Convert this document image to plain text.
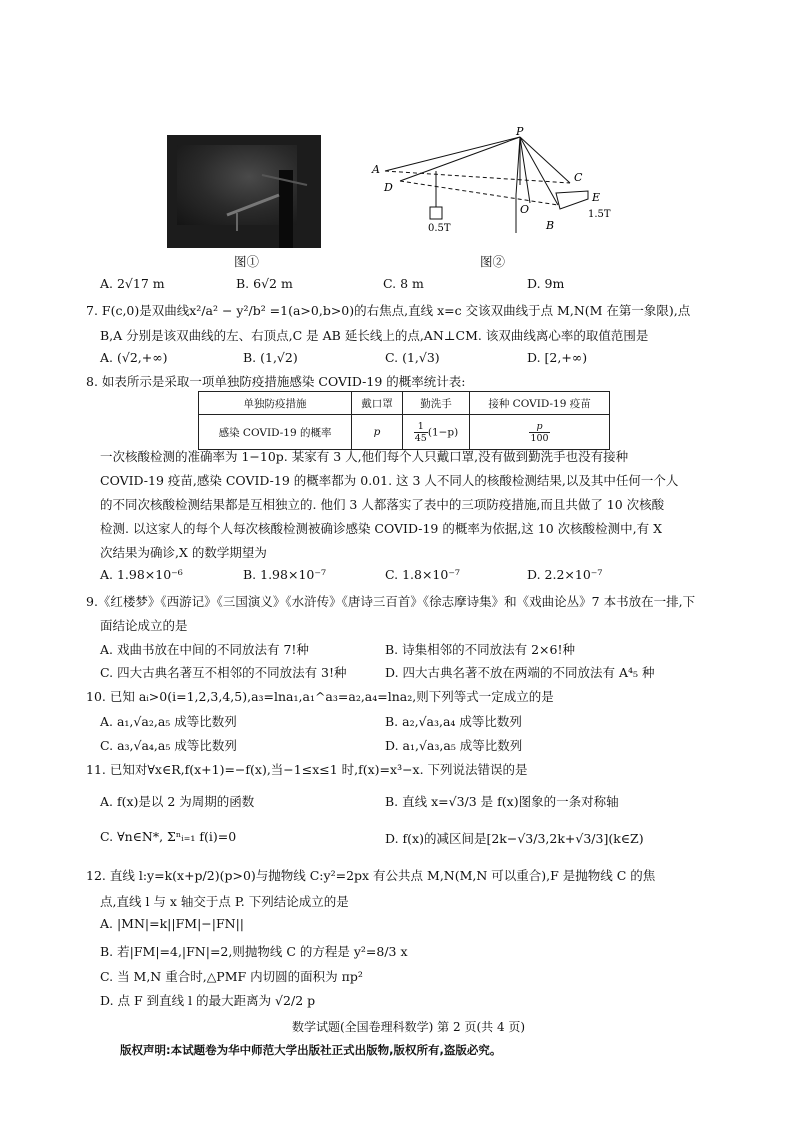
图①
P
A
D
C
E
O
B
0.5T
1.5T
图②
A. 2√17 m	B. 6√2 m	C. 8 m	D. 9m
7. F(c,0)是双曲线x²/a² − y²/b² =1(a>0,b>0)的右焦点,直线 x=c 交该双曲线于点 M,N(M 在第一象限),点
B,A 分别是该双曲线的左、右顶点,C 是 AB 延长线上的点,AN⊥CM. 该双曲线离心率的取值范围是
A. (√2,+∞)	B. (1,√2)	C. (1,√3)	D. [2,+∞)
8. 如表所示是采取一项单独防疫措施感染 COVID-19 的概率统计表:
单独防疫措施	戴口罩	勤洗手	接种 COVID-19 疫苗
感染 COVID-19 的概率	p	$\frac{1}{45} (1-p)$	$\frac{p}{100}$
一次核酸检测的准确率为 1−10p. 某家有 3 人,他们每个人只戴口罩,没有做到勤洗手也没有接种
COVID-19 疫苗,感染 COVID-19 的概率都为 0.01. 这 3 人不同人的核酸检测结果,以及其中任何一个人
的不同次核酸检测结果都是互相独立的. 他们 3 人都落实了表中的三项防疫措施,而且共做了 10 次核酸
检测. 以这家人的每个人每次核酸检测被确诊感染 COVID-19 的概率为依据,这 10 次核酸检测中,有 X
次结果为确诊,X 的数学期望为
A. 1.98×10⁻⁶	B. 1.98×10⁻⁷	C. 1.8×10⁻⁷	D. 2.2×10⁻⁷
9.《红楼梦》《西游记》《三国演义》《水浒传》《唐诗三百首》《徐志摩诗集》和《戏曲论丛》7 本书放在一排,下
面结论成立的是
A. 戏曲书放在中间的不同放法有 7!种	B. 诗集相邻的不同放法有 2×6!种
C. 四大古典名著互不相邻的不同放法有 3!种	D. 四大古典名著不放在两端的不同放法有 A⁴₅ 种
10. 已知 aᵢ>0(i=1,2,3,4,5),a₃=lna₁,a₁^a₃=a₂,a₄=lna₂,则下列等式一定成立的是
A. a₁,√a₂,a₅ 成等比数列	B. a₂,√a₃,a₄ 成等比数列
C. a₃,√a₄,a₅ 成等比数列	D. a₁,√a₃,a₅ 成等比数列
11. 已知对∀x∈R,f(x+1)=−f(x),当−1≤x≤1 时,f(x)=x³−x. 下列说法错误的是
A. f(x)是以 2 为周期的函数	B. 直线 x=√3/3 是 f(x)图象的一条对称轴
C. ∀n∈N*, Σⁿᵢ₌₁ f(i)=0	D. f(x)的减区间是[2k−√3/3,2k+√3/3](k∈Z)
12. 直线 l:y=k(x+p/2)(p>0)与抛物线 C:y²=2px 有公共点 M,N(M,N 可以重合),F 是抛物线 C 的焦
点,直线 l 与 x 轴交于点 P. 下列结论成立的是
A. |MN|=k||FM|−|FN||
B. 若|FM|=4,|FN|=2,则抛物线 C 的方程是 y²=8/3 x
C. 当 M,N 重合时,△PMF 内切圆的面积为 πp²
D. 点 F 到直线 l 的最大距离为 √2/2 p
数学试题(全国卷理科数学) 第 2 页(共 4 页)
版权声明:本试题卷为华中师范大学出版社正式出版物,版权所有,盗版必究。
